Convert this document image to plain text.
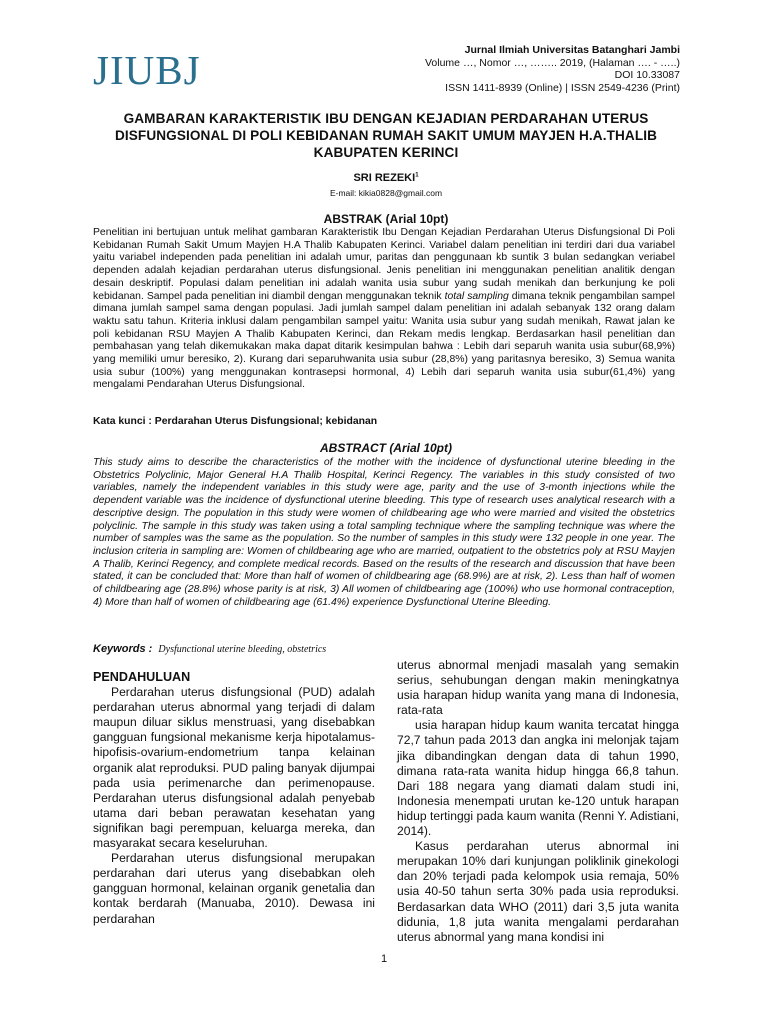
JIUBJ	Jurnal Ilmiah Universitas Batanghari Jambi
Volume …, Nomor …, …….. 2019, (Halaman …. - …..)
DOI 10.33087
ISSN 1411-8939 (Online) | ISSN 2549-4236 (Print)
GAMBARAN KARAKTERISTIK IBU DENGAN KEJADIAN PERDARAHAN UTERUS DISFUNGSIONAL DI POLI KEBIDANAN RUMAH SAKIT UMUM MAYJEN H.A.THALIB KABUPATEN KERINCI
SRI REZEKI$^1$
E-mail: kikia0828@gmail.com
ABSTRAK (Arial 10pt)
Penelitian ini bertujuan untuk melihat gambaran Karakteristik Ibu Dengan Kejadian Perdarahan Uterus Disfungsional Di Poli Kebidanan Rumah Sakit Umum Mayjen H.A Thalib Kabupaten Kerinci. Variabel dalam penelitian ini terdiri dari dua variabel yaitu variabel independen pada penelitian ini adalah umur, paritas dan penggunaan kb suntik 3 bulan sedangkan veriabel dependen adalah kejadian perdarahan uterus disfungsional. Jenis penelitian ini menggunakan penelitian analitik dengan desain deskriptif. Populasi dalam penelitian ini adalah wanita usia subur yang sudah menikah dan berkunjung ke poli kebidanan. Sampel pada penelitian ini diambil dengan menggunakan teknik total sampling dimana teknik pengambilan sampel dimana jumlah sampel sama dengan populasi. Jadi jumlah sampel dalam penelitian ini adalah sebanyak 132 orang dalam waktu satu tahun. Kriteria inklusi dalam pengambilan sampel yaitu: Wanita usia subur yang sudah menikah, Rawat jalan ke poli kebidanan RSU Mayjen A Thalib Kabupaten Kerinci, dan Rekam medis lengkap. Berdasarkan hasil penelitian dan pembahasan yang telah dikemukakan maka dapat ditarik kesimpulan bahwa : Lebih dari separuh wanita usia subur(68,9%) yang memiliki umur beresiko, 2). Kurang dari separuhwanita usia subur (28,8%) yang paritasnya beresiko, 3) Semua wanita usia subur (100%) yang menggunakan kontrasepsi hormonal, 4) Lebih dari separuh wanita usia subur(61,4%) yang mengalami Pendarahan Uterus Disfungsional.
Kata kunci : Perdarahan Uterus Disfungsional; kebidanan
ABSTRACT (Arial 10pt)
This study aims to describe the characteristics of the mother with the incidence of dysfunctional uterine bleeding in the Obstetrics Polyclinic, Major General H.A Thalib Hospital, Kerinci Regency. The variables in this study consisted of two variables, namely the independent variables in this study were age, parity and the use of 3-month injections while the dependent variable was the incidence of dysfunctional uterine bleeding. This type of research uses analytical research with a descriptive design. The population in this study were women of childbearing age who were married and visited the obstetrics polyclinic. The sample in this study was taken using a total sampling technique where the sampling technique was where the number of samples was the same as the population. So the number of samples in this study were 132 people in one year. The inclusion criteria in sampling are: Women of childbearing age who are married, outpatient to the obstetrics poly at RSU Mayjen A Thalib, Kerinci Regency, and complete medical records. Based on the results of the research and discussion that have been stated, it can be concluded that: More than half of women of childbearing age (68.9%) are at risk, 2). Less than half of women of childbearing age (28.8%) whose parity is at risk, 3) All women of childbearing age (100%) who use hormonal contraception, 4) More than half of women of childbearing age (61.4%) experience Dysfunctional Uterine Bleeding.
Keywords : Dysfunctional uterine bleeding, obstetrics

PENDAHULUAN

Perdarahan uterus disfungsional (PUD) adalah perdarahan uterus abnormal yang terjadi di dalam maupun diluar siklus menstruasi, yang disebabkan gangguan fungsional mekanisme kerja hipotalamus-hipofisis-ovarium-endometrium tanpa kelainan organik alat reproduksi. PUD paling banyak dijumpai pada usia perimenarche dan perimenopause. Perdarahan uterus disfungsional adalah penyebab utama dari beban perawatan kesehatan yang signifikan bagi perempuan, keluarga mereka, dan masyarakat secara keseluruhan.

Perdarahan uterus disfungsional merupakan perdarahan dari uterus yang disebabkan oleh gangguan hormonal, kelainan organik genetalia dan kontak berdarah (Manuaba, 2010). Dewasa ini perdarahan

uterus abnormal menjadi masalah yang semakin serius, sehubungan dengan makin meningkatnya usia harapan hidup wanita yang mana di Indonesia, rata-rata

usia harapan hidup kaum wanita tercatat hingga 72,7 tahun pada 2013 dan angka ini melonjak tajam jika dibandingkan dengan data di tahun 1990, dimana rata-rata wanita hidup hingga 66,8 tahun. Dari 188 negara yang diamati dalam studi ini, Indonesia menempati urutan ke-120 untuk harapan hidup tertinggi pada kaum wanita (Renni Y. Adistiani, 2014).

Kasus perdarahan uterus abnormal ini merupakan 10% dari kunjungan poliklinik ginekologi dan 20% terjadi pada kelompok usia remaja, 50% usia 40-50 tahun serta 30% pada usia reproduksi. Berdasarkan data WHO (2011) dari 3,5 juta wanita didunia, 1,8 juta wanita mengalami perdarahan uterus abnormal yang mana kondisi ini

1
